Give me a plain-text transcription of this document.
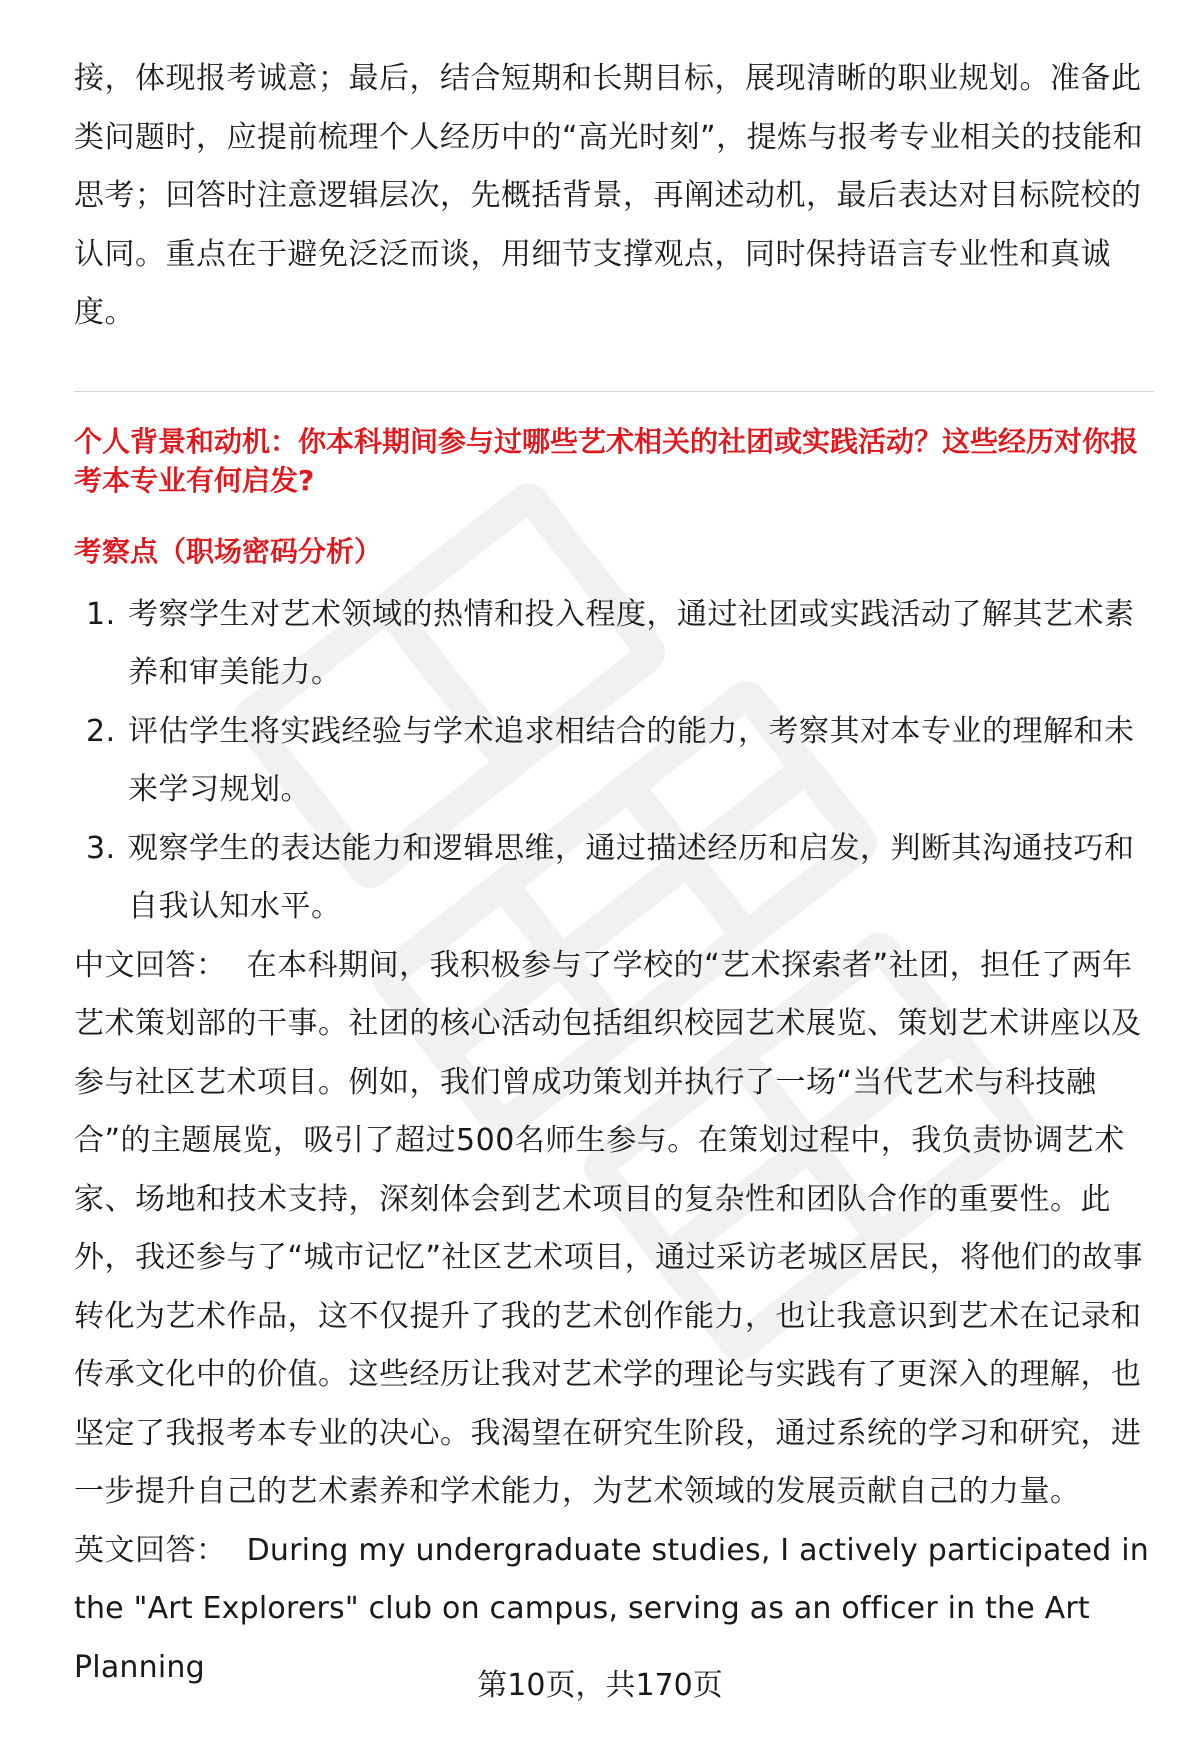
接，体现报考诚意；最后，结合短期和长期目标，展现清晰的职业规划。准备此类问题时，应提前梳理个人经历中的“高光时刻”，提炼与报考专业相关的技能和思考；回答时注意逻辑层次，先概括背景，再阐述动机，最后表达对目标院校的认同。重点在于避免泛泛而谈，用细节支撑观点，同时保持语言专业性和真诚度。

个人背景和动机：你本科期间参与过哪些艺术相关的社团或实践活动？这些经历对你报考本专业有何启发?
考察点（职场密码分析）
1. 考察学生对艺术领域的热情和投入程度，通过社团或实践活动了解其艺术素养和审美能力。
2. 评估学生将实践经验与学术追求相结合的能力，考察其对本专业的理解和未来学习规划。
3. 观察学生的表达能力和逻辑思维，通过描述经历和启发，判断其沟通技巧和自我认知水平。

中文回答： 在本科期间，我积极参与了学校的“艺术探索者”社团，担任了两年艺术策划部的干事。社团的核心活动包括组织校园艺术展览、策划艺术讲座以及参与社区艺术项目。例如，我们曾成功策划并执行了一场“当代艺术与科技融合”的主题展览，吸引了超过500名师生参与。在策划过程中，我负责协调艺术家、场地和技术支持，深刻体会到艺术项目的复杂性和团队合作的重要性。此外，我还参与了“城市记忆”社区艺术项目，通过采访老城区居民，将他们的故事转化为艺术作品，这不仅提升了我的艺术创作能力，也让我意识到艺术在记录和传承文化中的价值。这些经历让我对艺术学的理论与实践有了更深入的理解，也坚定了我报考本专业的决心。我渴望在研究生阶段，通过系统的学习和研究，进一步提升自己的艺术素养和学术能力，为艺术领域的发展贡献自己的力量。

英文回答： During my undergraduate studies, I actively participated in the "Art Explorers" club on campus, serving as an officer in the Art Planning

第10页，共170页
